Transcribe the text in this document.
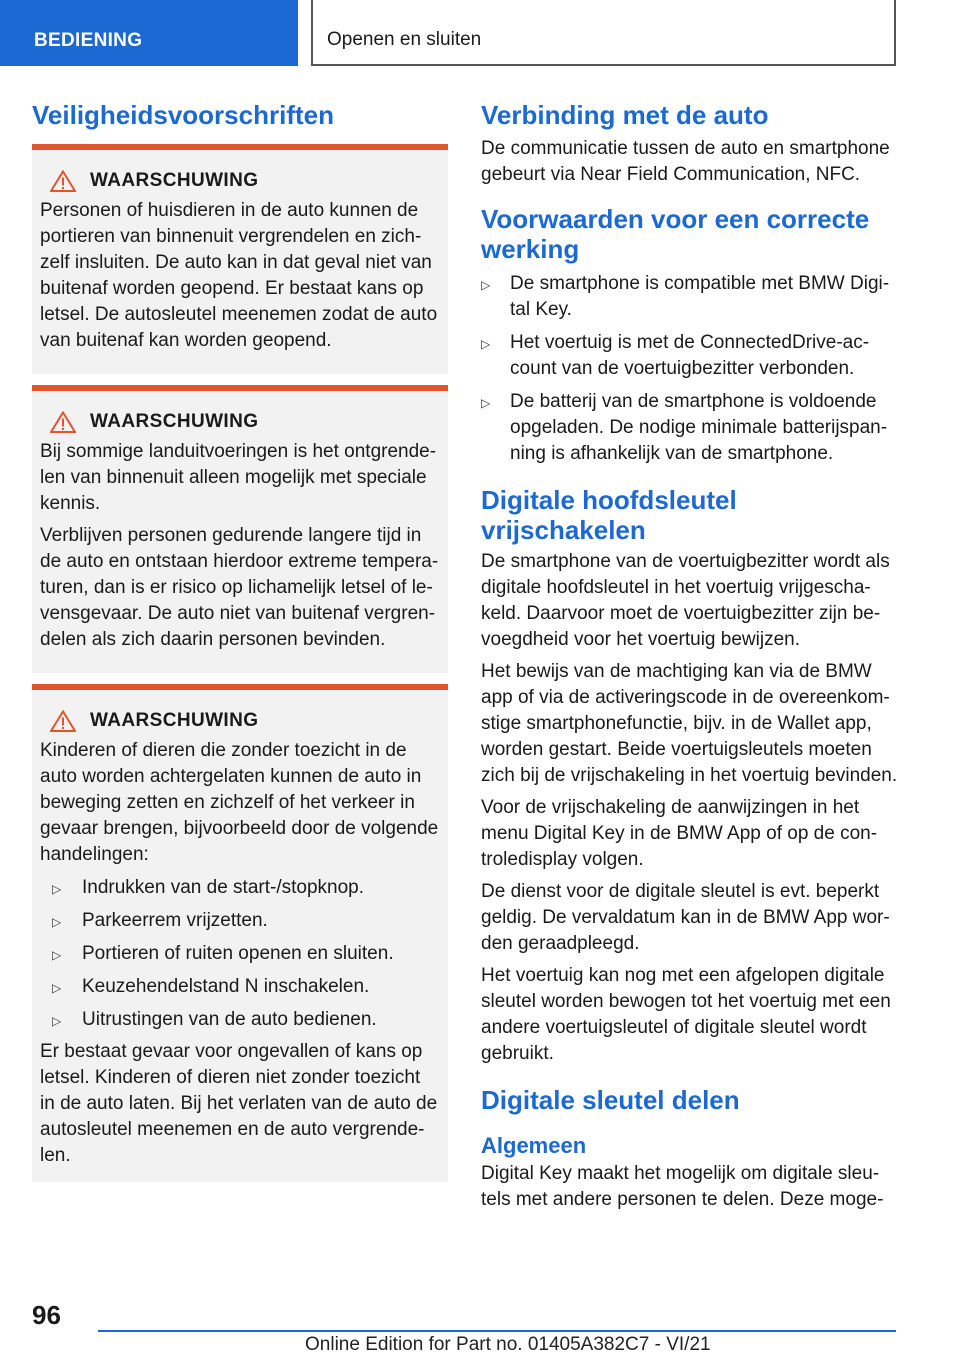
BEDIENING	Openen en sluiten
Veiligheidsvoorschriften
WAARSCHUWING

Personen of huisdieren in de auto kunnen de portieren van binnenuit vergrendelen en zichzelf insluiten. De auto kan in dat geval niet van buitenaf worden geopend. Er bestaat kans op letsel. De autosleutel meenemen zodat de auto van buitenaf kan worden geopend.

WAARSCHUWING

Bij sommige landuitvoeringen is het ontgrendelen van binnenuit alleen mogelijk met speciale kennis.

Verblijven personen gedurende langere tijd in de auto en ontstaan hierdoor extreme temperaturen, dan is er risico op lichamelijk letsel of levensgevaar. De auto niet van buitenaf vergrendelen als zich daarin personen bevinden.

WAARSCHUWING

Kinderen of dieren die zonder toezicht in de auto worden achtergelaten kunnen de auto in beweging zetten en zichzelf of het verkeer in gevaar brengen, bijvoorbeeld door de volgende handelingen:

▷ Indrukken van de start-/stopknop.
▷ Parkeerrem vrijzetten.
▷ Portieren of ruiten openen en sluiten.
▷ Keuzehendelstand N inschakelen.
▷ Uitrustingen van de auto bedienen.

Er bestaat gevaar voor ongevallen of kans op letsel. Kinderen of dieren niet zonder toezicht in de auto laten. Bij het verlaten van de auto de autosleutel meenemen en de auto vergrendelen.

Verbinding met de auto

De communicatie tussen de auto en smartphone gebeurt via Near Field Communication, NFC.

Voorwaarden voor een correcte werking
▷ De smartphone is compatible met BMW Digital Key.
▷ Het voertuig is met de ConnectedDrive-account van de voertuigbezitter verbonden.
▷ De batterij van de smartphone is voldoende opgeladen. De nodige minimale batterijspanning is afhankelijk van de smartphone.
Digitale hoofdsleutel vrijschakelen

De smartphone van de voertuigbezitter wordt als digitale hoofdsleutel in het voertuig vrijgeschakeld. Daarvoor moet de voertuigbezitter zijn bevoegdheid voor het voertuig bewijzen.

Het bewijs van de machtiging kan via de BMW app of via de activeringscode in de overeenkomstige smartphonefunctie, bijv. in de Wallet app, worden gestart. Beide voertuigsleutels moeten zich bij de vrijschakeling in het voertuig bevinden.

Voor de vrijschakeling de aanwijzingen in het menu Digital Key in de BMW App of op de controledisplay volgen.

De dienst voor de digitale sleutel is evt. beperkt geldig. De vervaldatum kan in de BMW App worden geraadpleegd.

Het voertuig kan nog met een afgelopen digitale sleutel worden bewogen tot het voertuig met een andere voertuigsleutel of digitale sleutel wordt gebruikt.

Digitale sleutel delen
Algemeen

Digital Key maakt het mogelijk om digitale sleutels met andere personen te delen. Deze moge-

96
Online Edition for Part no. 01405A382C7 - VI/21
